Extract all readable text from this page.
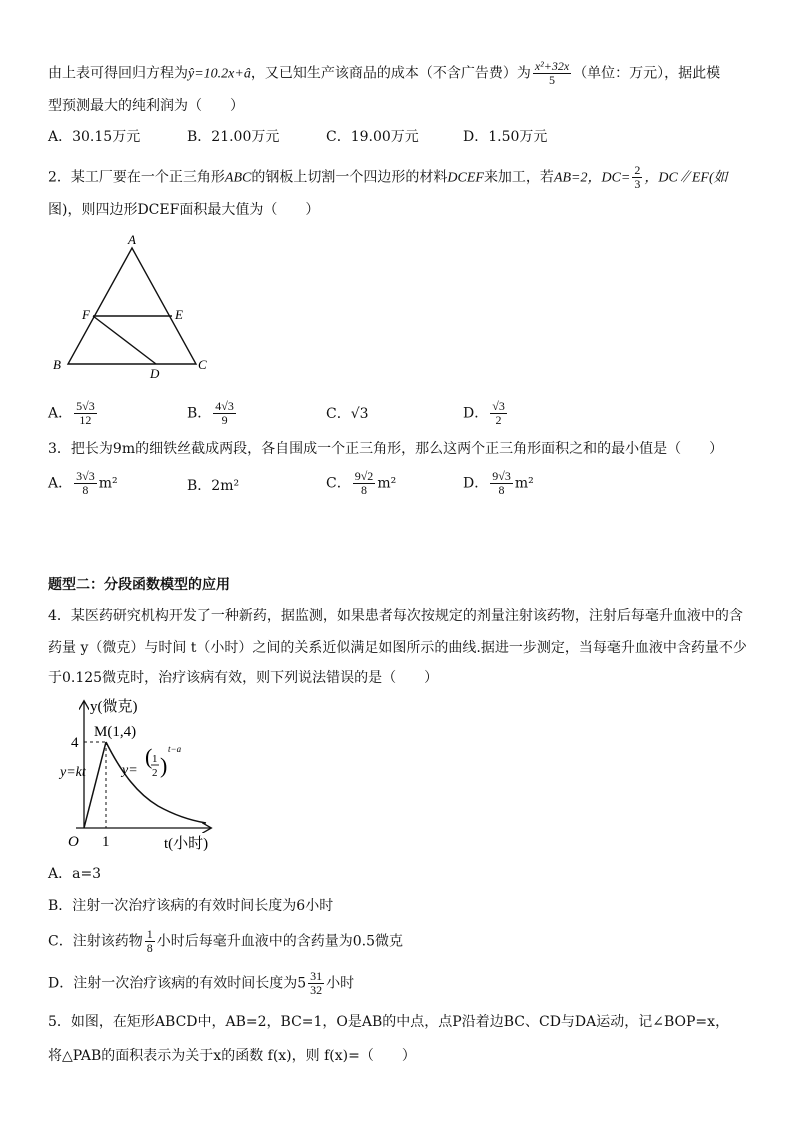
由上表可得回归方程为ŷ=10.2x+â，又已知生产该商品的成本（不含广告费）为 $\frac{\text{x²+32x}}{5}$ （单位：万元），据此模
型预测最大的纯利润为（　　）
A．30.15万元	B．21.00万元	C．19.00万元	D．1.50万元
2．某工厂要在一个正三角形ABC的钢板上切割一个四边形的材料DCEF来加工，若AB=2，$DC= \frac{2}{3}$ ，DC∥EF(如
图)，则四边形DCEF面积最大值为（　　）
A
F	E
B	C
D
A． $\frac{5√3}{12}$	B． $\frac{4√3}{9}$	C．√3	D． $\frac{√3}{2}$
3．把长为9m的细铁丝截成两段，各自围成一个正三角形，那么这两个正三角形面积之和的最小值是（　　）
A． $\frac{3√3}{8} m^2$	B．2m²	C． $\frac{9√2}{8} m^2$	D． $\frac{9√3}{8} m^2$
题型二：分段函数模型的应用
4．某医药研究机构开发了一种新药，据监测，如果患者每次按规定的剂量注射该药物，注射后每毫升血液中的含
药量 y（微克）与时间 t（小时）之间的关系近似满足如图所示的曲线.据进一步测定，当每毫升血液中含药量不少
于0.125微克时，治疗该病有效，则下列说法错误的是（　　）
y(微克)
t(小时)
M(1,4)
4
1
O
y=kt	y=
( 1
2 )
t−a
A．a=3
B．注射一次治疗该病的有效时间长度为6小时
C．注射该药物 $\frac{1}{8}$ 小时后每毫升血液中的含药量为0.5微克
D．注射一次治疗该病的有效时间长度为$5 \frac{31}{32}$ 小时
5．如图，在矩形ABCD中，AB=2，BC=1，O是AB的中点，点P沿着边BC、CD与DA运动，记∠BOP=x，
将△PAB的面积表示为关于x的函数 f(x)，则 f(x)=（　　）
